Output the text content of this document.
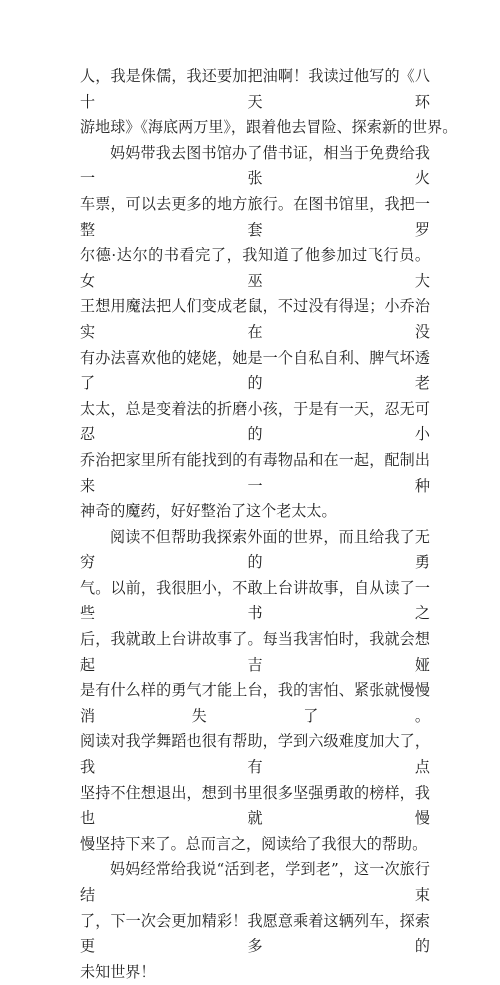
人，我是侏儒，我还要加把油啊！我读过他写的《八十天环
游地球》《海底两万里》，跟着他去冒险、探索新的世界。

妈妈带我去图书馆办了借书证，相当于免费给我一张火
车票，可以去更多的地方旅行。在图书馆里，我把一整套罗
尔德·达尔的书看完了，我知道了他参加过飞行员。女巫大
王想用魔法把人们变成老鼠，不过没有得逞；小乔治实在没
有办法喜欢他的姥姥，她是一个自私自利、脾气坏透了的老
太太，总是变着法的折磨小孩，于是有一天，忍无可忍的小
乔治把家里所有能找到的有毒物品和在一起，配制出来一种
神奇的魔药，好好整治了这个老太太。

阅读不但帮助我探索外面的世界，而且给我了无穷的勇
气。以前，我很胆小，不敢上台讲故事，自从读了一些书之
后，我就敢上台讲故事了。每当我害怕时，我就会想起吉娅
是有什么样的勇气才能上台，我的害怕、紧张就慢慢消失了。
阅读对我学舞蹈也很有帮助，学到六级难度加大了，我有点
坚持不住想退出，想到书里很多坚强勇敢的榜样，我也就慢
慢坚持下来了。总而言之，阅读给了我很大的帮助。

妈妈经常给我说“活到老，学到老”，这一次旅行结束
了，下一次会更加精彩！我愿意乘着这辆列车，探索更多的
未知世界！
